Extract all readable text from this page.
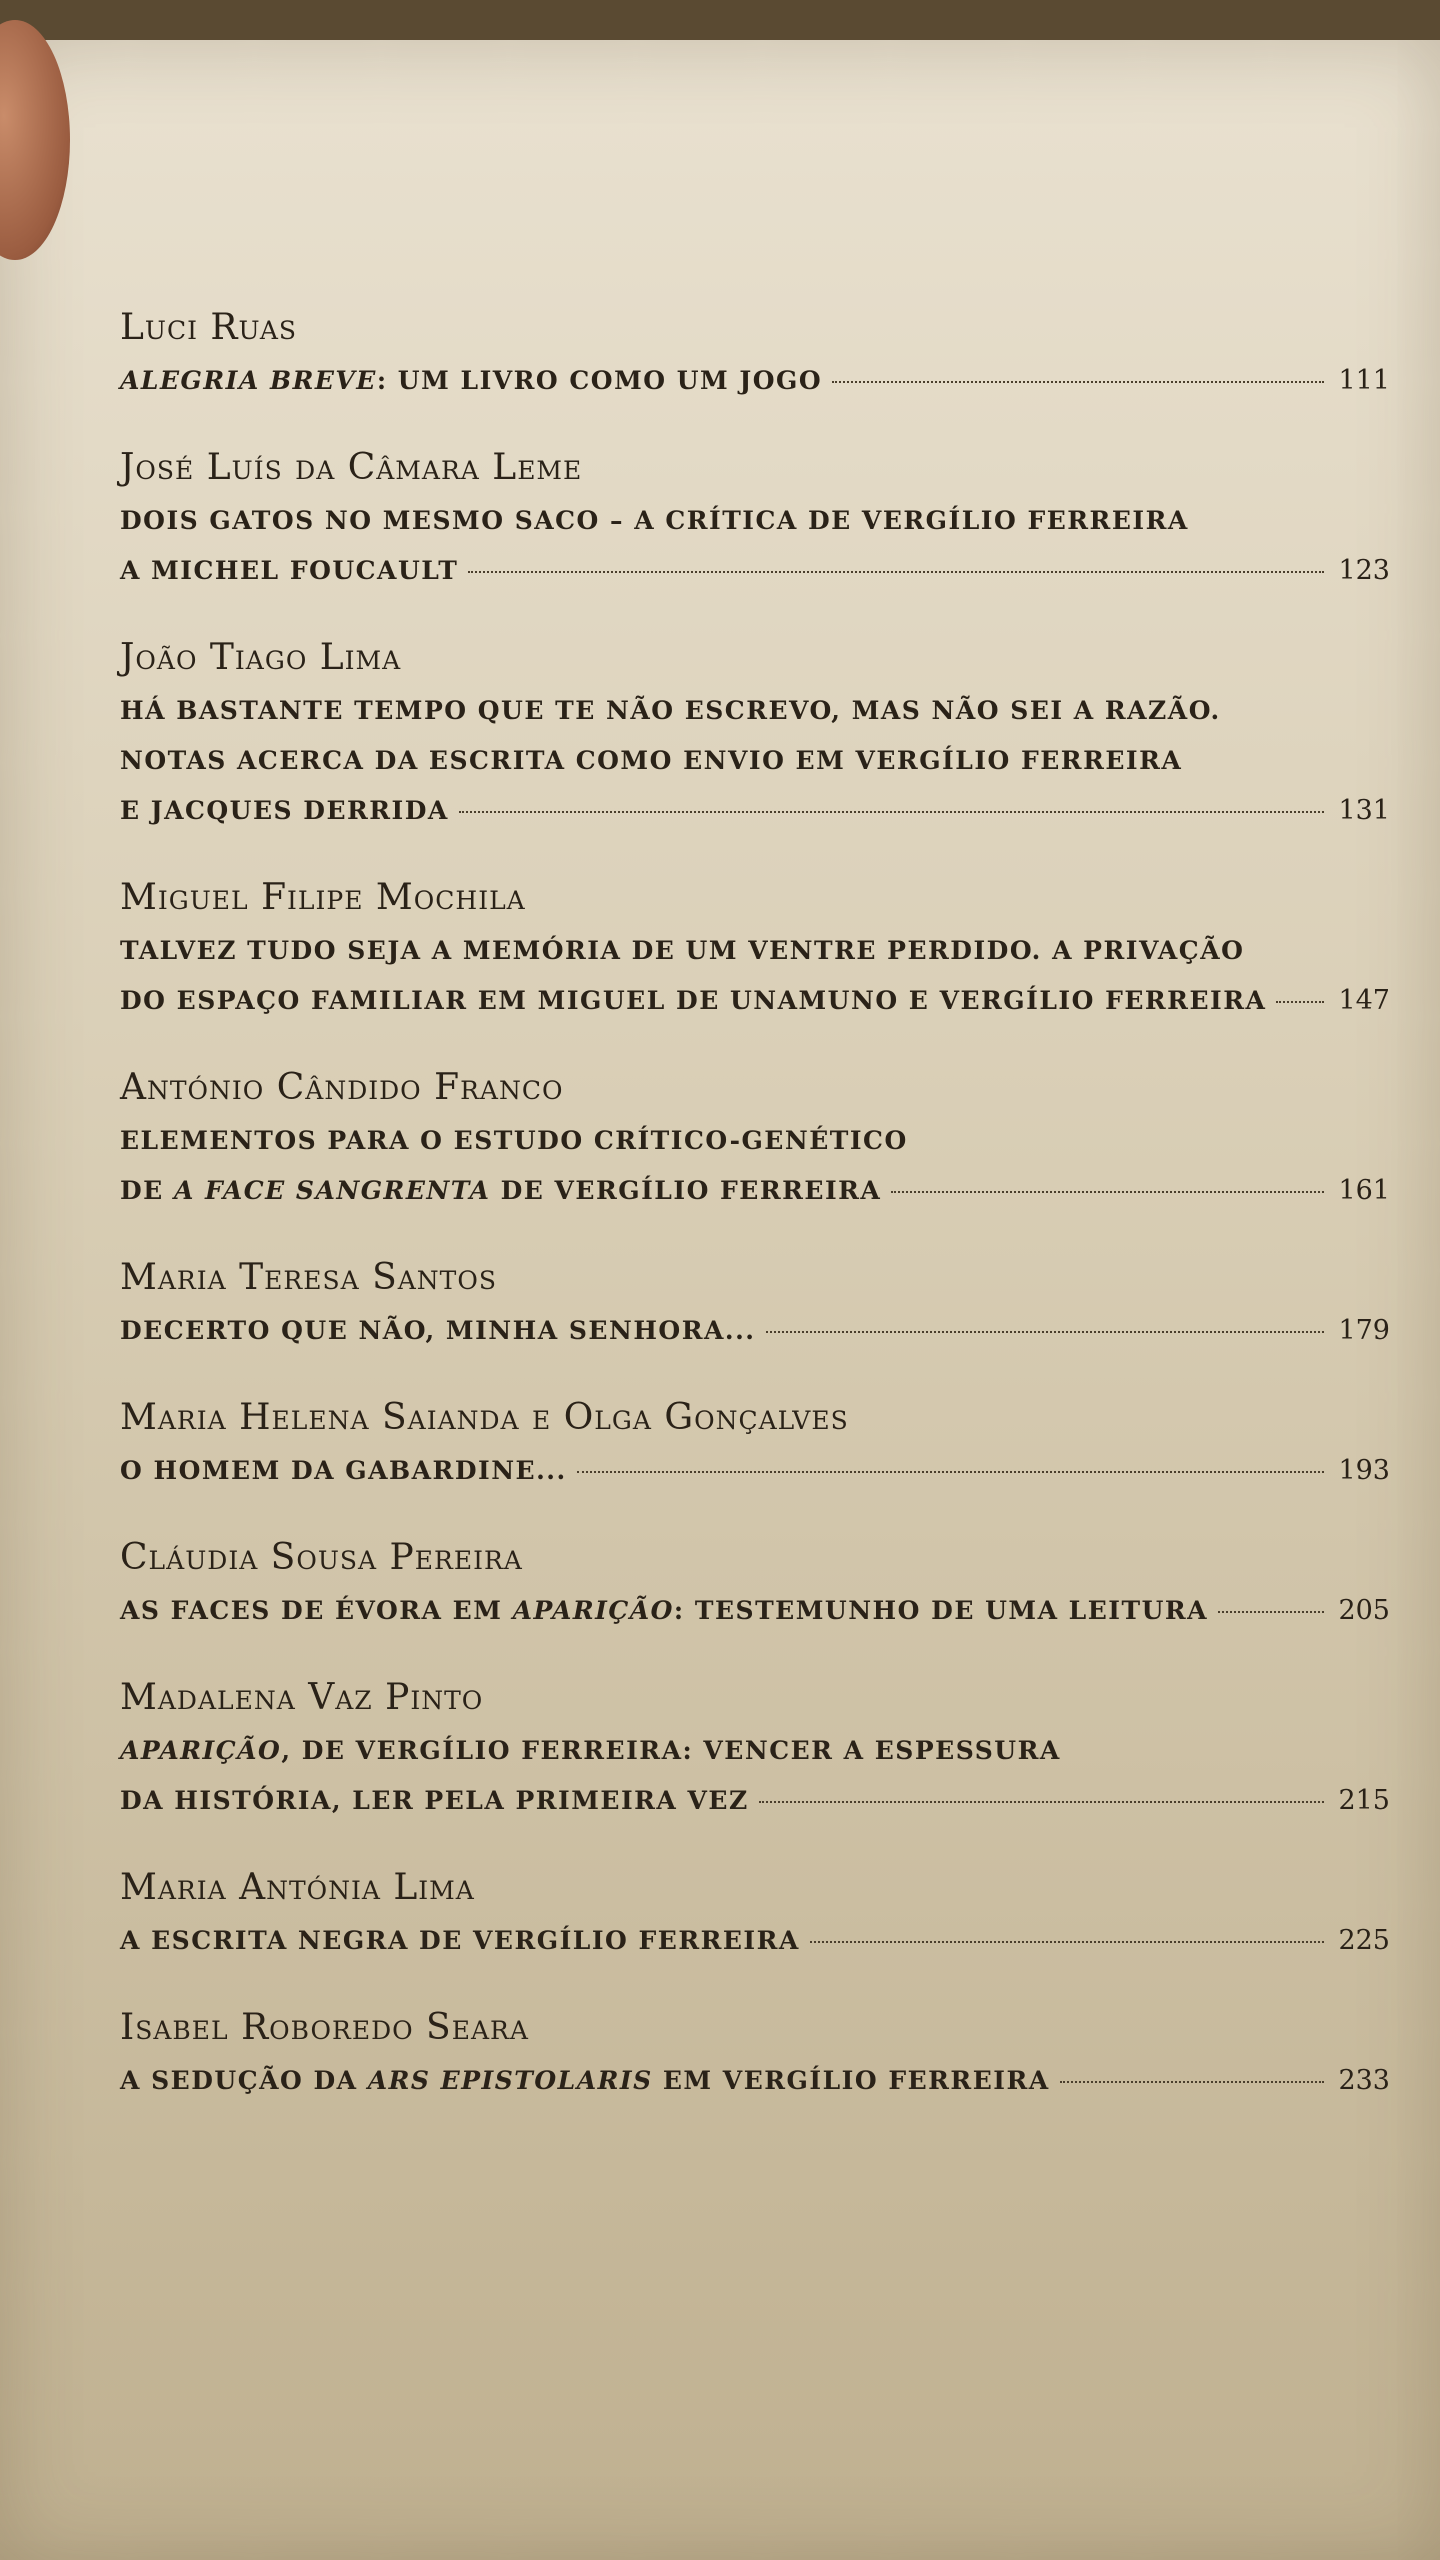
Luci Ruas
ALEGRIA BREVE: UM LIVRO COMO UM JOGO	111
José Luís da Câmara Leme
DOIS GATOS NO MESMO SACO – A CRÍTICA DE VERGÍLIO FERREIRA
A MICHEL FOUCAULT	123
João Tiago Lima
HÁ BASTANTE TEMPO QUE TE NÃO ESCREVO, MAS NÃO SEI A RAZÃO.
NOTAS ACERCA DA ESCRITA COMO ENVIO EM VERGÍLIO FERREIRA
E JACQUES DERRIDA	131
Miguel Filipe Mochila
TALVEZ TUDO SEJA A MEMÓRIA DE UM VENTRE PERDIDO. A PRIVAÇÃO
DO ESPAÇO FAMILIAR EM MIGUEL DE UNAMUNO E VERGÍLIO FERREIRA	147
António Cândido Franco
ELEMENTOS PARA O ESTUDO CRÍTICO-GENÉTICO
DE A FACE SANGRENTA DE VERGÍLIO FERREIRA	161
Maria Teresa Santos
DECERTO QUE NÃO, MINHA SENHORA...	179
Maria Helena Saianda e Olga Gonçalves
O HOMEM DA GABARDINE...	193
Cláudia Sousa Pereira
AS FACES DE ÉVORA EM APARIÇÃO: TESTEMUNHO DE UMA LEITURA	205
Madalena Vaz Pinto
APARIÇÃO, DE VERGÍLIO FERREIRA: VENCER A ESPESSURA
DA HISTÓRIA, LER PELA PRIMEIRA VEZ	215
Maria Antónia Lima
A ESCRITA NEGRA DE VERGÍLIO FERREIRA	225
Isabel Roboredo Seara
A SEDUÇÃO DA ARS EPISTOLARIS EM VERGÍLIO FERREIRA	233
